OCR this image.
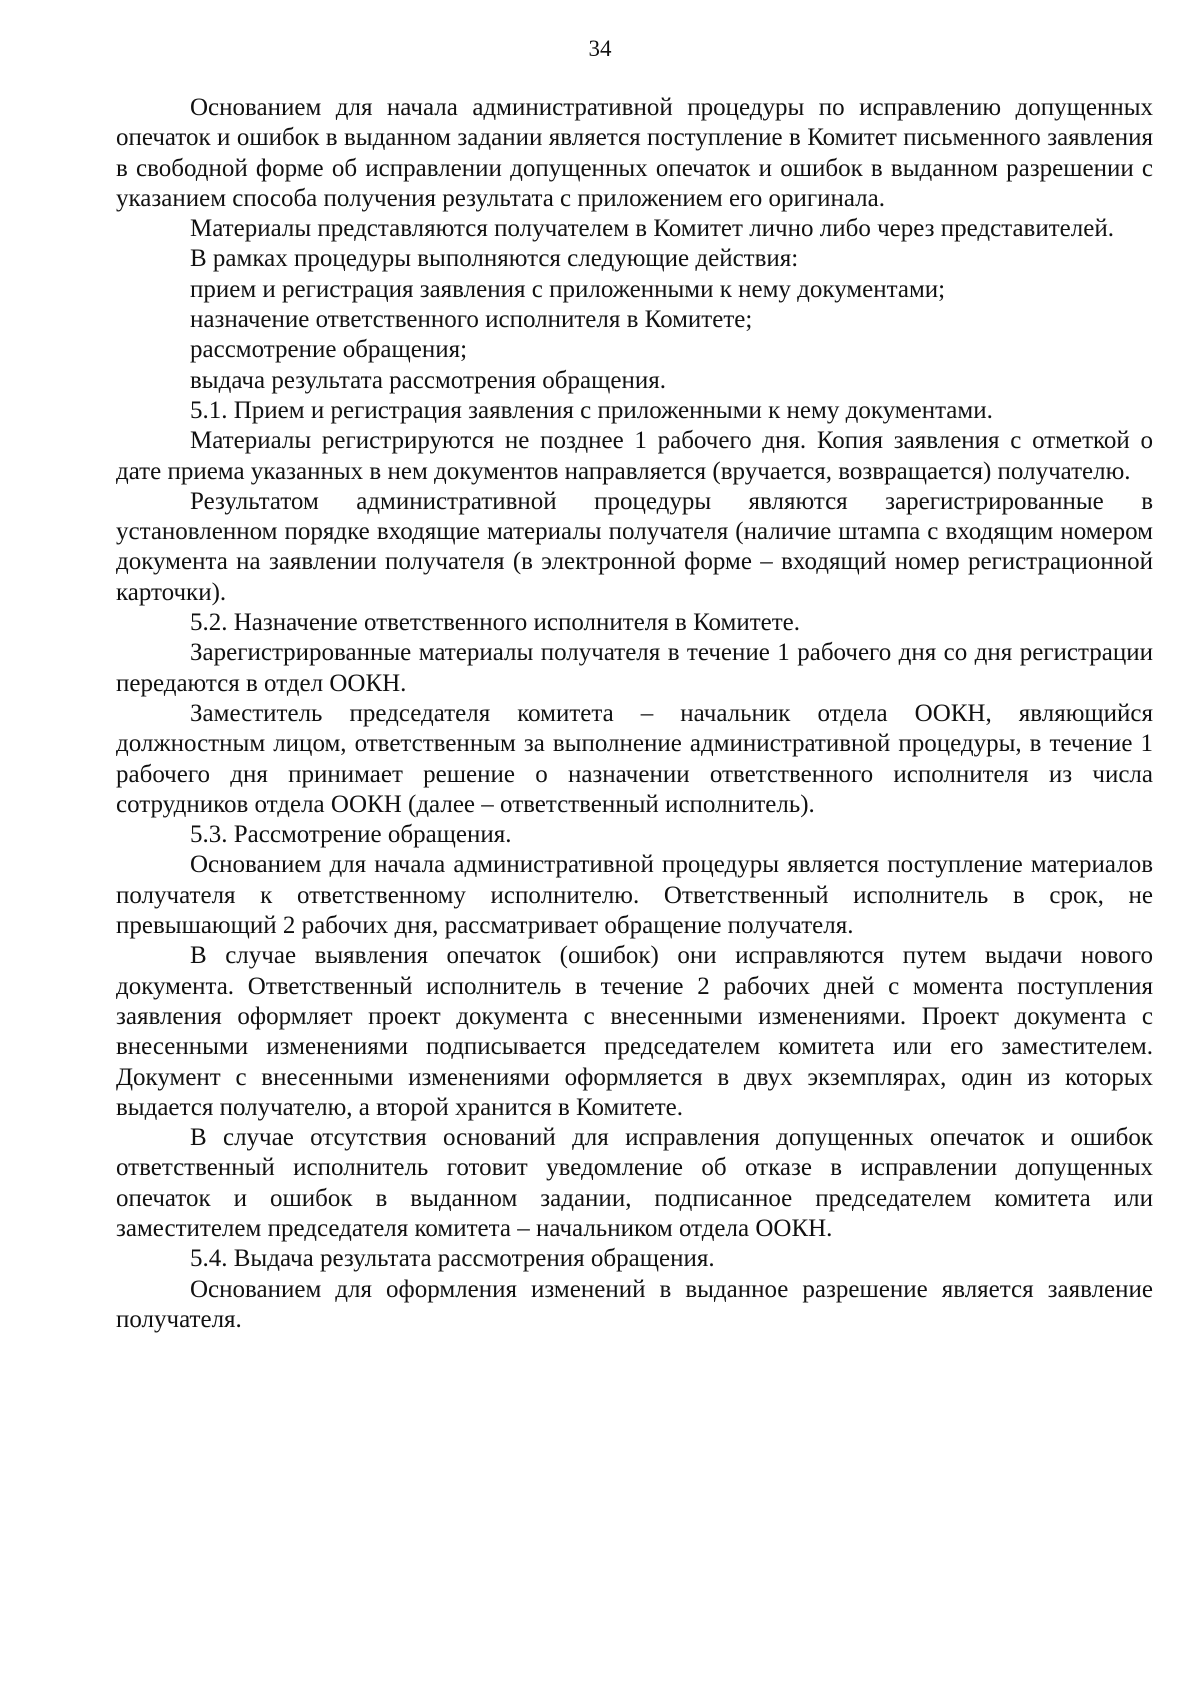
34

Основанием для начала административной процедуры по исправлению допущенных опечаток и ошибок в выданном задании является поступление в Комитет письменного заявления в свободной форме об исправлении допущенных опечаток и ошибок в выданном разрешении с указанием способа получения результата с приложением его оригинала.

Материалы представляются получателем в Комитет лично либо через представителей.

В рамках процедуры выполняются следующие действия:

прием и регистрация заявления с приложенными к нему документами;

назначение ответственного исполнителя в Комитете;

рассмотрение обращения;

выдача результата рассмотрения обращения.

5.1. Прием и регистрация заявления с приложенными к нему документами.

Материалы регистрируются не позднее 1 рабочего дня. Копия заявления с отметкой о дате приема указанных в нем документов направляется (вручается, возвращается) получателю.

Результатом административной процедуры являются зарегистрированные в установленном порядке входящие материалы получателя (наличие штампа с входящим номером документа на заявлении получателя (в электронной форме – входящий номер регистрационной карточки).

5.2. Назначение ответственного исполнителя в Комитете.

Зарегистрированные материалы получателя в течение 1 рабочего дня со дня регистрации передаются в отдел ООКН.

Заместитель председателя комитета – начальник отдела ООКН, являющийся должностным лицом, ответственным за выполнение административной процедуры, в течение 1 рабочего дня принимает решение о назначении ответственного исполнителя из числа сотрудников отдела ООКН (далее – ответственный исполнитель).

5.3. Рассмотрение обращения.

Основанием для начала административной процедуры является поступление материалов получателя к ответственному исполнителю. Ответственный исполнитель в срок, не превышающий 2 рабочих дня, рассматривает обращение получателя.

В случае выявления опечаток (ошибок) они исправляются путем выдачи нового документа. Ответственный исполнитель в течение 2 рабочих дней с момента поступления заявления оформляет проект документа с внесенными изменениями. Проект документа с внесенными изменениями подписывается председателем комитета или его заместителем. Документ с внесенными изменениями оформляется в двух экземплярах, один из которых выдается получателю, а второй хранится в Комитете.

В случае отсутствия оснований для исправления допущенных опечаток и ошибок ответственный исполнитель готовит уведомление об отказе в исправлении допущенных опечаток и ошибок в выданном задании, подписанное председателем комитета или заместителем председателя комитета – начальником отдела ООКН.

5.4. Выдача результата рассмотрения обращения.

Основанием для оформления изменений в выданное разрешение является заявление получателя.
